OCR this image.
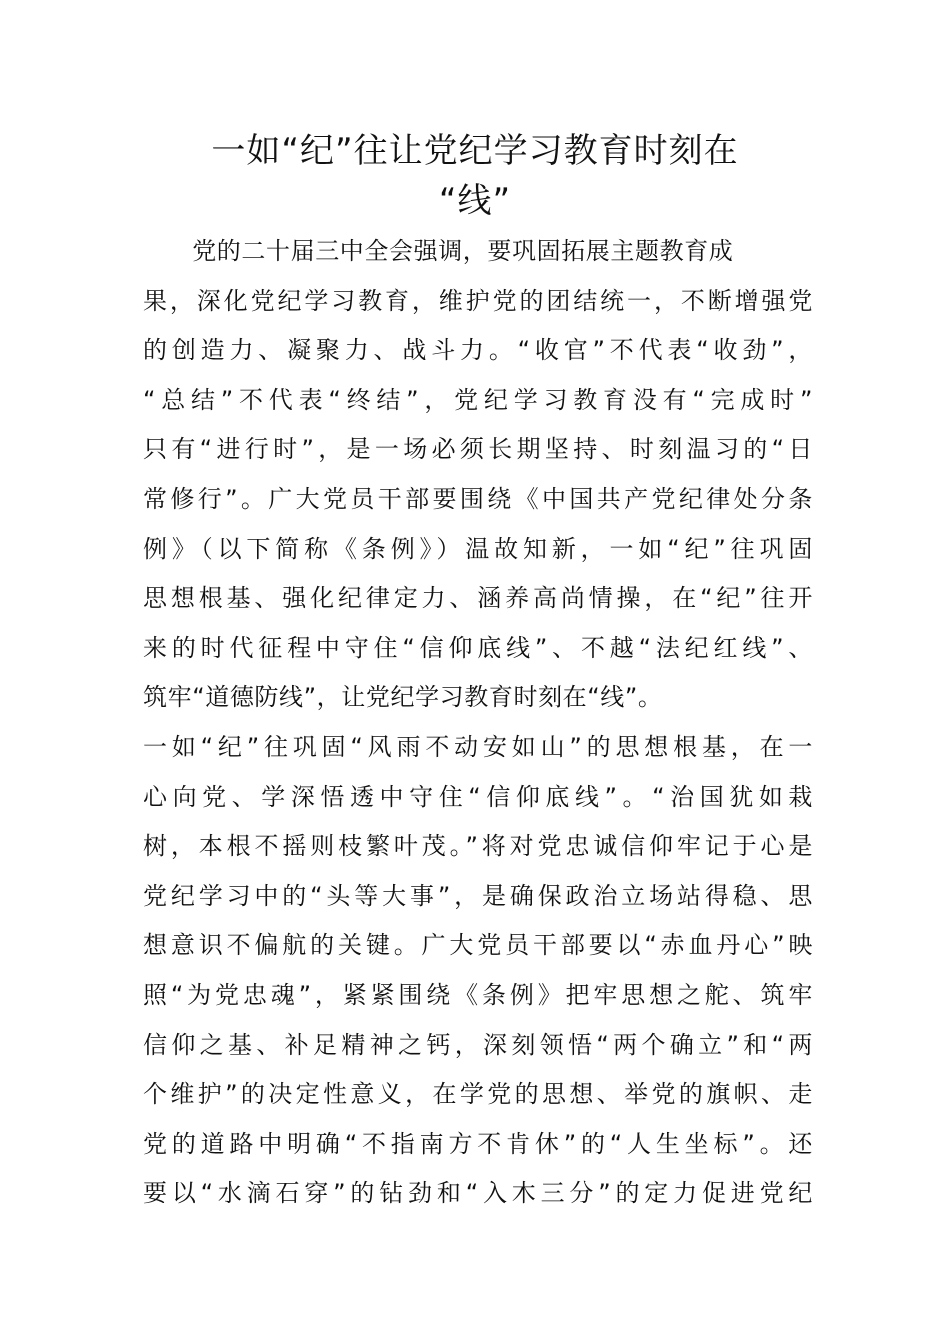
一如“纪”往让党纪学习教育时刻在
“线”
　　党的二十届三中全会强调，要巩固拓展主题教育成
果，深化党纪学习教育，维护党的团结统一，不断增强党
的创造力、凝聚力、战斗力。“收官”不代表“收劲”，
“总结”不代表“终结”，党纪学习教育没有“完成时”
只有“进行时”，是一场必须长期坚持、时刻温习的“日
常修行”。广大党员干部要围绕《中国共产党纪律处分条
例》（以下简称《条例》）温故知新，一如“纪”往巩固
思想根基、强化纪律定力、涵养高尚情操，在“纪”往开
来的时代征程中守住“信仰底线”、不越“法纪红线”、
筑牢“道德防线”，让党纪学习教育时刻在“线”。
一如“纪”往巩固“风雨不动安如山”的思想根基，在一
心向党、学深悟透中守住“信仰底线”。“治国犹如栽
树，本根不摇则枝繁叶茂。”将对党忠诚信仰牢记于心是
党纪学习中的“头等大事”，是确保政治立场站得稳、思
想意识不偏航的关键。广大党员干部要以“赤血丹心”映
照“为党忠魂”，紧紧围绕《条例》把牢思想之舵、筑牢
信仰之基、补足精神之钙，深刻领悟“两个确立”和“两
个维护”的决定性意义，在学党的思想、举党的旗帜、走
党的道路中明确“不指南方不肯休”的“人生坐标”。还
要以“水滴石穿”的钻劲和“入木三分”的定力促进党纪
